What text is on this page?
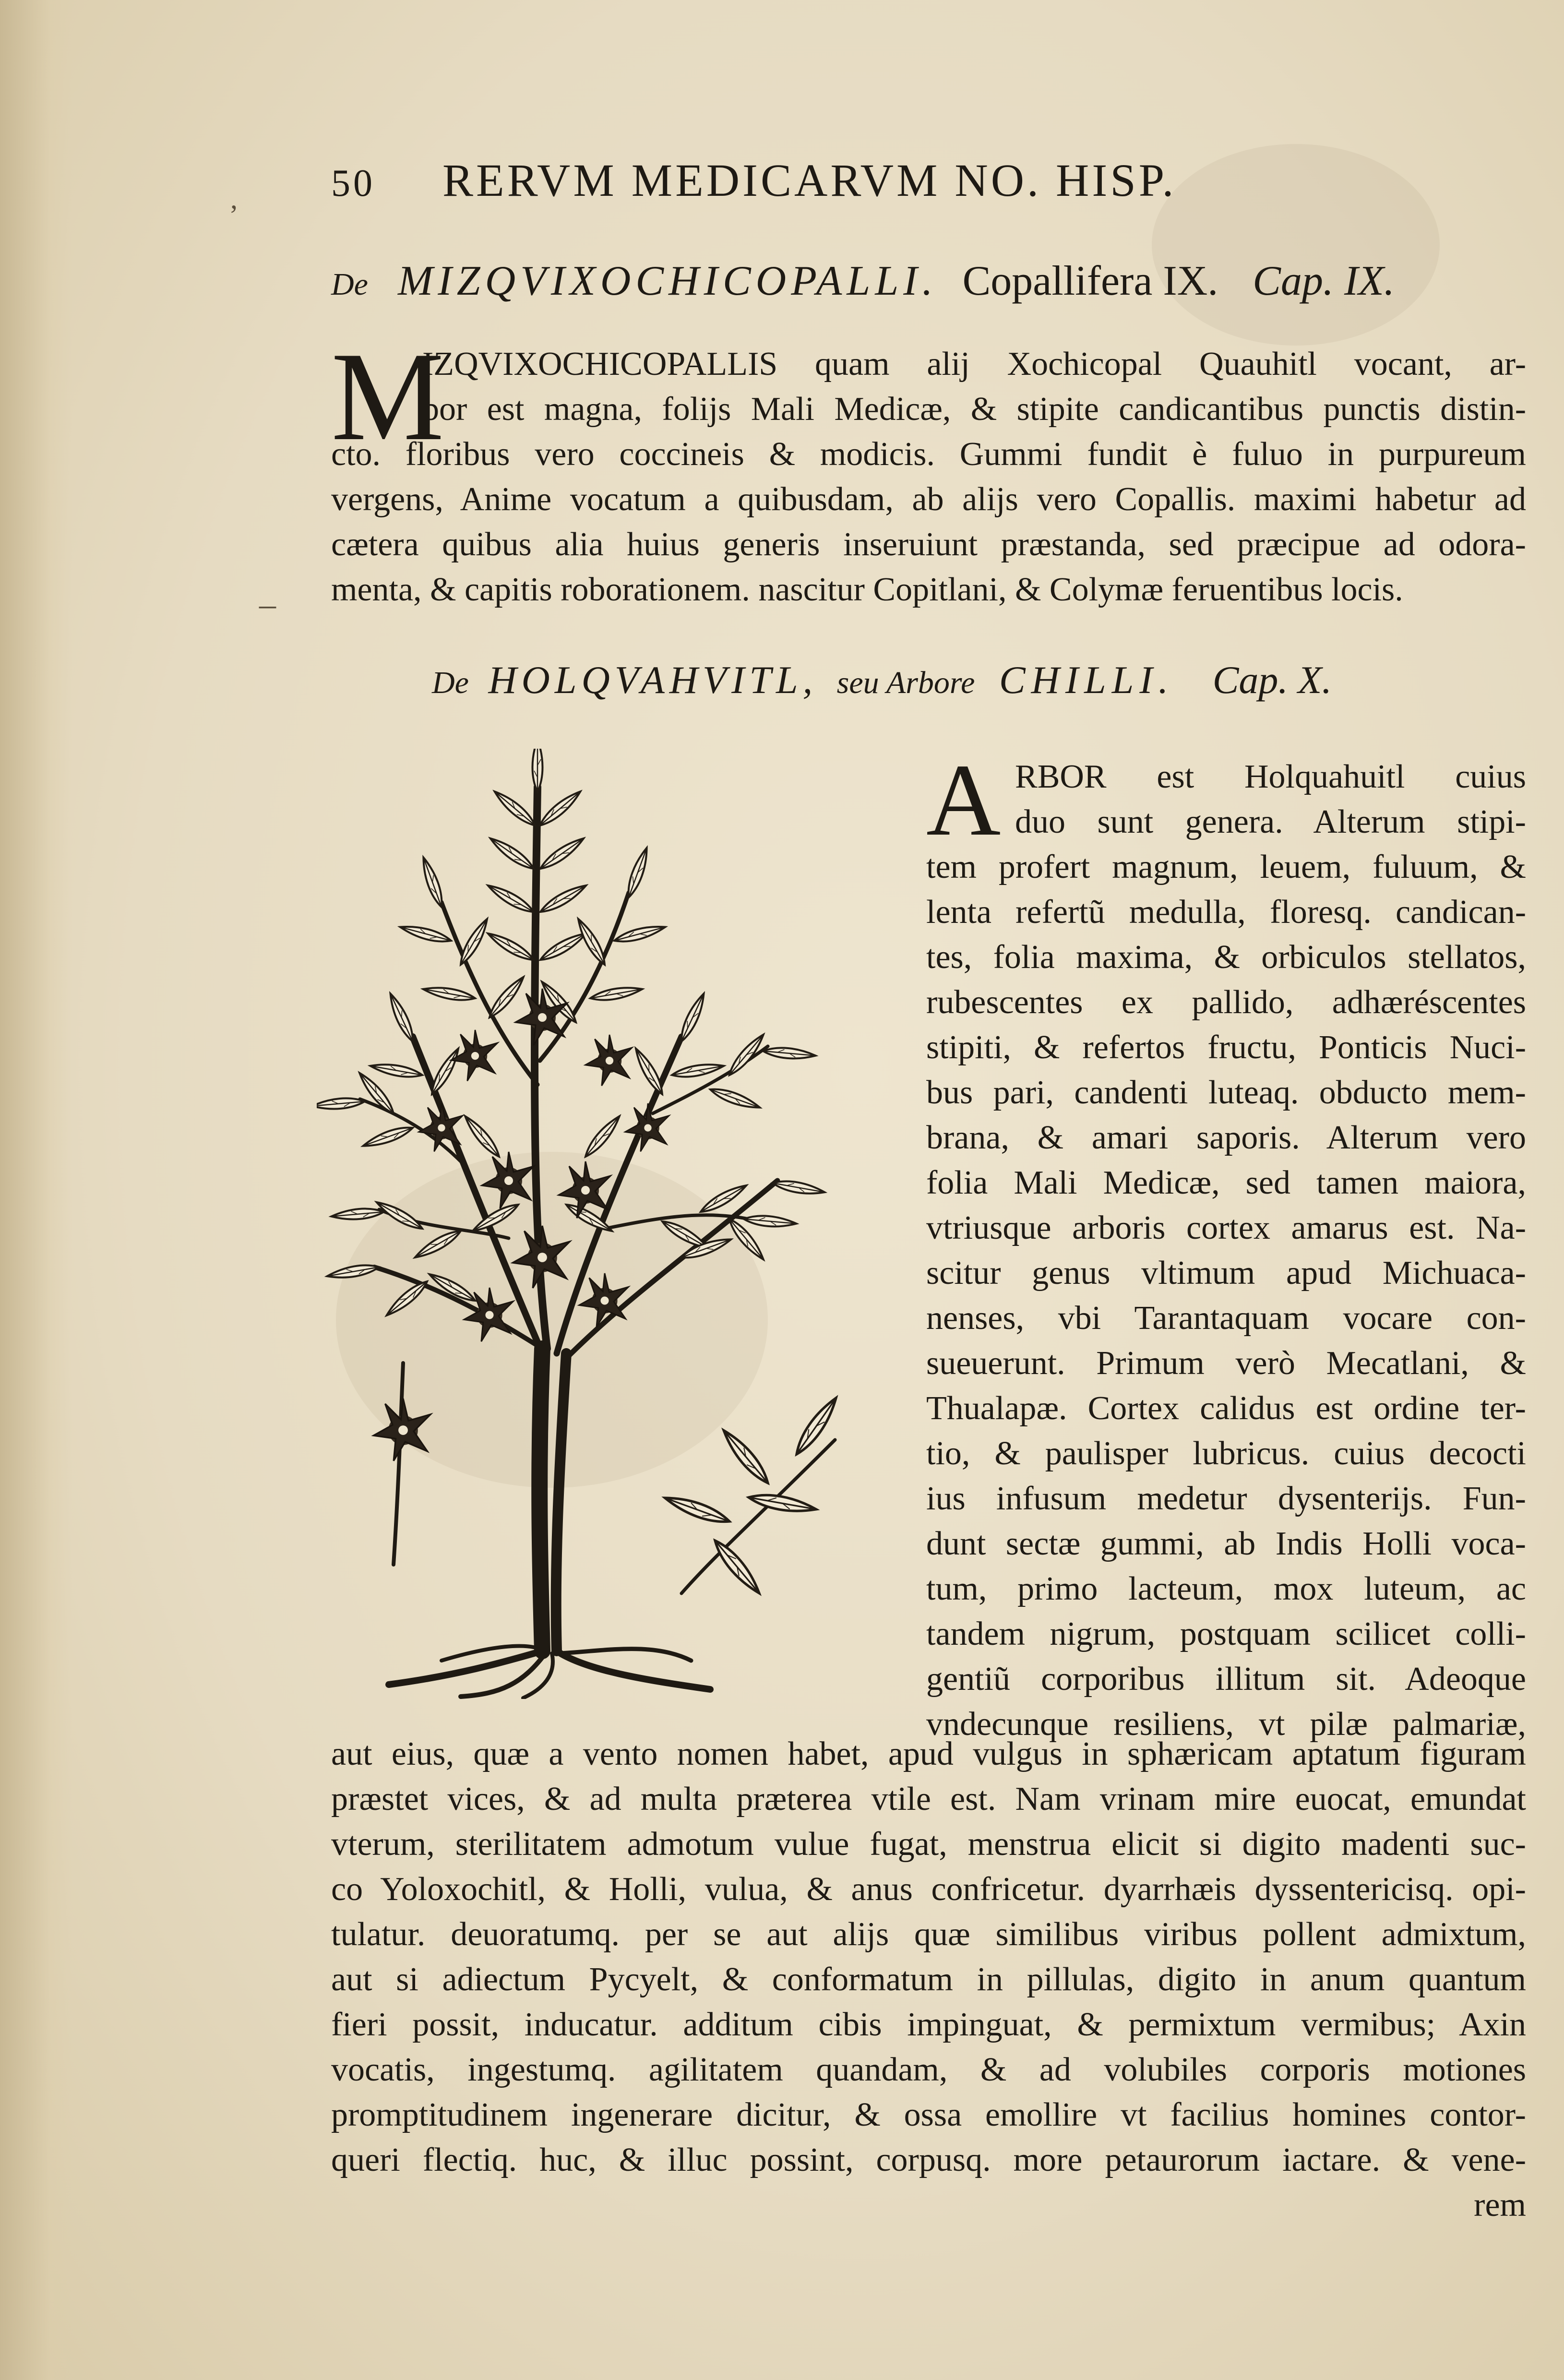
,
–
50 RERVM MEDICARVM NO. HISP.
De MIZQVIXOCHICOPALLI. Copallifera IX. Cap. IX.
M
IZQVIXOCHICOPALLIS quam alij Xochicopal Quauhitl vocant, ar-
bor est magna, folijs Mali Medicæ, & stipite candicantibus punctis distin-
cto. floribus vero coccineis & modicis. Gummi fundit è fuluo in purpureum
vergens, Anime vocatum a quibusdam, ab alijs vero Copallis. maximi habetur ad
cætera quibus alia huius generis inseruiunt præstanda, sed præcipue ad odora-
menta, & capitis roborationem. nascitur Copitlani, & Colymæ feruentibus locis.
De HOLQVAHVITL, seu Arbore CHILLI. Cap. X.
A RBOR est Holquahuitl cuius
duo sunt genera. Alterum stipi-
tem profert magnum, leuem, fuluum, &
lenta refertũ medulla, floresq. candican-
tes, folia maxima, & orbiculos stellatos,
rubescentes ex pallido, adhæréscentes
stipiti, & refertos fructu, Ponticis Nuci-
bus pari, candenti luteaq. obducto mem-
brana, & amari saporis. Alterum vero
folia Mali Medicæ, sed tamen maiora,
vtriusque arboris cortex amarus est. Na-
scitur genus vltimum apud Michuaca-
nenses, vbi Tarantaquam vocare con-
sueuerunt. Primum verò Mecatlani, &
Thualapæ. Cortex calidus est ordine ter-
tio, & paulisper lubricus. cuius decocti
ius infusum medetur dysenterijs. Fun-
dunt sectæ gummi, ab Indis Holli voca-
tum, primo lacteum, mox luteum, ac
tandem nigrum, postquam scilicet colli-
gentiũ corporibus illitum sit. Adeoque
vndecunque resiliens, vt pilæ palmariæ,
aut eius, quæ a vento nomen habet, apud vulgus in sphæricam aptatum figuram
præstet vices, & ad multa præterea vtile est. Nam vrinam mire euocat, emundat
vterum, sterilitatem admotum vulue fugat, menstrua elicit si digito madenti suc-
co Yoloxochitl, & Holli, vulua, & anus confricetur. dyarrhæis dyssentericisq. opi-
tulatur. deuoratumq. per se aut alijs quæ similibus viribus pollent admixtum,
aut si adiectum Pycyelt, & conformatum in pillulas, digito in anum quantum
fieri possit, inducatur. additum cibis impinguat, & permixtum vermibus; Axin
vocatis, ingestumq. agilitatem quandam, & ad volubiles corporis motiones
promptitudinem ingenerare dicitur, & ossa emollire vt facilius homines contor-
queri flectiq. huc, & illuc possint, corpusq. more petaurorum iactare. & vene-
rem
